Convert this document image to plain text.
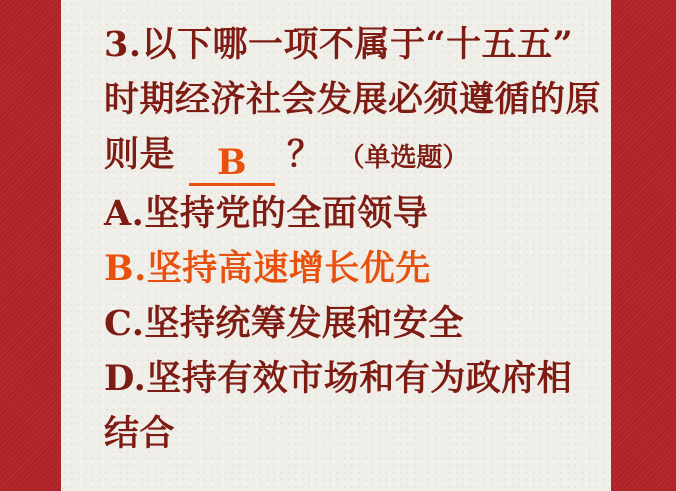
3.以下哪一项不属于“十五五”
时期经济社会发展必须遵循的原
则是	B	？ （单选题）
A.坚持党的全面领导
B.坚持高速增长优先
C.坚持统筹发展和安全
D.坚持有效市场和有为政府相
结合
